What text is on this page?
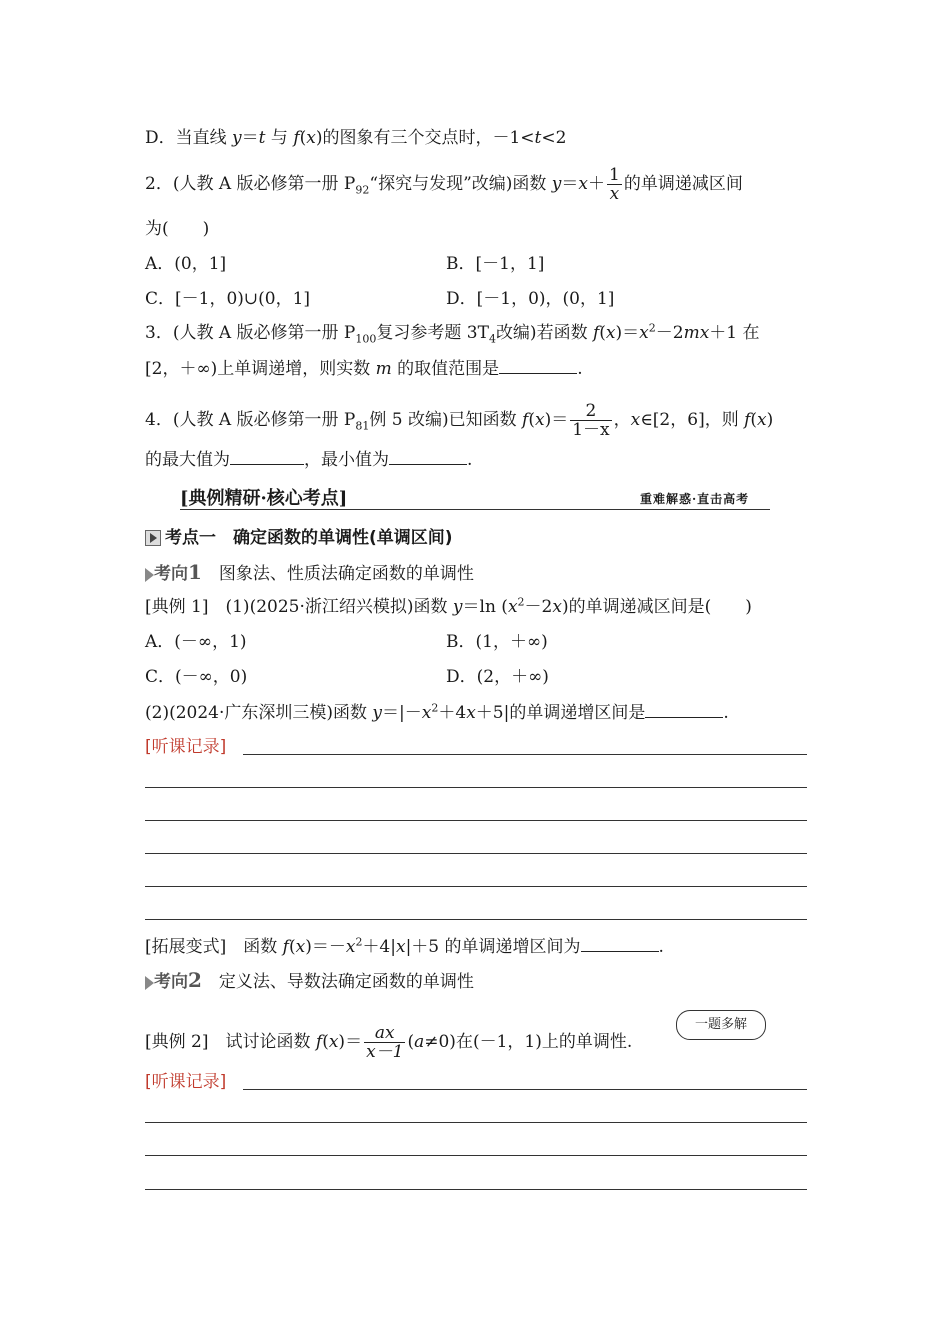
D．当直线 y＝t 与 f(x)的图象有三个交点时，－1<t<2
2．(人教 A 版必修第一册 $P_{92}“$探究与发现”改编)函数 $y=x+ \frac{1}{x}$ 的单调递减区间
为(　　)
A．(0，1]	B．[－1，1]
C．[－1，0)∪(0，1]	D．[－1，0)，(0，1]
3．(人教 A 版必修第一册 $P_{100}$复习参考题 $3T_4$改编)若函数 $f(x)=x^2-2mx+1$ 在
[2，＋∞)上单调递增，则实数 m 的取值范围是	.
4．(人教 A 版必修第一册 $P_{81}$例 5 改编)已知函数 $f(x)= \frac{2}{1-x}$ ，x∈[2，6]，则 f(x)
的最大值为	，最小值为	.
[典例精研·核心考点]	重难解惑·直击高考
考点一　 确定函数的单调性(单调区间)
考向1　 图象法、性质法确定函数的单调性
[典例 1]　(1)(2025·浙江绍兴模拟)函数 y＝ln $(x^2-2x)$的单调递减区间是(　　)
A．(－∞，1)	B．(1，＋∞)
C．(－∞，0)	D．(2，＋∞)
(2)(2024·广东深圳三模)函数 $y=|-x^2+4x+5|$的单调递增区间是	.
[听课记录]
[拓展变式]　函数 $f(x)=-x^2+4|x|+5$ 的单调递增区间为	.
考向2　 定义法、导数法确定函数的单调性
[典例 2]　试讨论函数 $f(x)= \frac{ax}{x-1} (a\ne 0)$在(－1，1)上的单调性.
一题多解
[听课记录]
